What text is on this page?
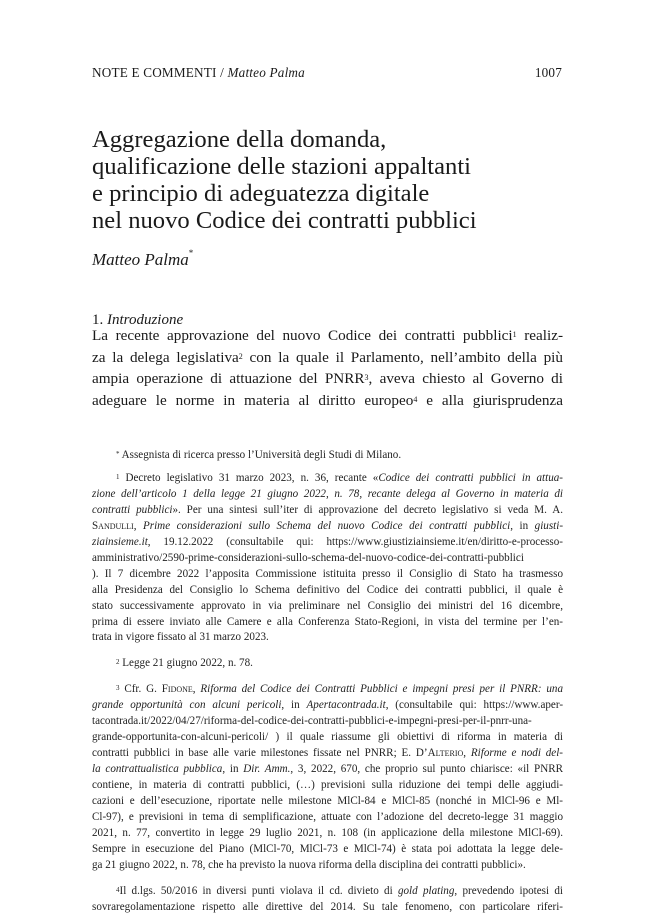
NOTE E COMMENTI / Matteo Palma	1007
Aggregazione della domanda,
qualificazione delle stazioni appaltanti
e principio di adeguatezza digitale
nel nuovo Codice dei contratti pubblici
Matteo Palma*
1. Introduzione
La recente approvazione del nuovo Codice dei contratti pubblici$^1$ realiz-
za la delega legislativa$^2$ con la quale il Parlamento, nell’ambito della più
ampia operazione di attuazione del PNRR$^3$, aveva chiesto al Governo di
adeguare le norme in materia al diritto europeo$^4$ e alla giurisprudenza
* Assegnista di ricerca presso l’Università degli Studi di Milano.
$^1$ Decreto legislativo 31 marzo 2023, n. 36, recante «Codice dei contratti pubblici in attua-
zione dell’articolo 1 della legge 21 giugno 2022, n. 78, recante delega al Governo in materia di
contratti pubblici». Per una sintesi sull’iter di approvazione del decreto legislativo si veda M. A.
Sandulli, Prime considerazioni sullo Schema del nuovo Codice dei contratti pubblici, in giusti-
ziainsieme.it, 19.12.2022 (consultabile qui: https://www.giustiziainsieme.it/en/diritto-e-processo-
amministrativo/2590-prime-considerazioni-sullo-schema-del-nuovo-codice-dei-contratti-pubblici
). Il 7 dicembre 2022 l’apposita Commissione istituita presso il Consiglio di Stato ha trasmesso
alla Presidenza del Consiglio lo Schema definitivo del Codice dei contratti pubblici, il quale è
stato successivamente approvato in via preliminare nel Consiglio dei ministri del 16 dicembre,
prima di essere inviato alle Camere e alla Conferenza Stato-Regioni, in vista del termine per l’en-
trata in vigore fissato al 31 marzo 2023.
$^2$ Legge 21 giugno 2022, n. 78.
$^3$ Cfr. G. Fidone, Riforma del Codice dei Contratti Pubblici e impegni presi per il PNRR: una
grande opportunità con alcuni pericoli, in Apertacontrada.it, (consultabile qui: https://www.aper-
tacontrada.it/2022/04/27/riforma-del-codice-dei-contratti-pubblici-e-impegni-presi-per-il-pnrr-una-
grande-opportunita-con-alcuni-pericoli/ ) il quale riassume gli obiettivi di riforma in materia di
contratti pubblici in base alle varie milestones fissate nel PNRR; E. D’Alterio, Riforme e nodi del-
la contrattualistica pubblica, in Dir. Amm., 3, 2022, 670, che proprio sul punto chiarisce: «il PNRR
contiene, in materia di contratti pubblici, (…) previsioni sulla riduzione dei tempi delle aggiudi-
cazioni e dell’esecuzione, riportate nelle milestone MlCl-84 e MlCl-85 (nonché in MlCl-96 e Ml-
Cl-97), e previsioni in tema di semplificazione, attuate con l’adozione del decreto-legge 31 maggio
2021, n. 77, convertito in legge 29 luglio 2021, n. 108 (in applicazione della milestone MlCl-69).
Sempre in esecuzione del Piano (MlCl-70, MlCl-73 e MlCl-74) è stata poi adottata la legge dele-
ga 21 giugno 2022, n. 78, che ha previsto la nuova riforma della disciplina dei contratti pubblici».
$^4$Il d.lgs. 50/2016 in diversi punti violava il cd. divieto di gold plating, prevedendo ipotesi di
sovraregolamentazione rispetto alle direttive del 2014. Su tale fenomeno, con particolare riferi-
